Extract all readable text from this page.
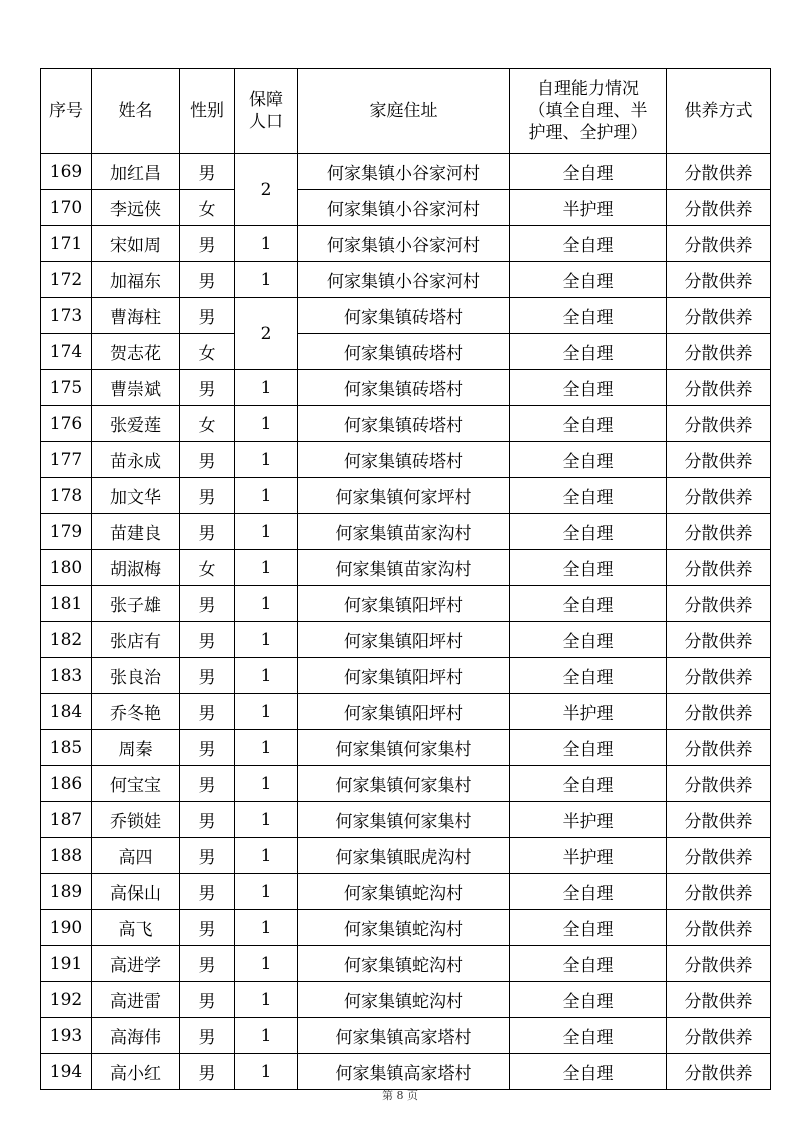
序号	姓名	性别	保障人口	家庭住址	自理能力情况
（填全自理、半
护理、全护理）	供养方式
169	加红昌	男	2	何家集镇小谷家河村	全自理	分散供养
170	李远侠	女		何家集镇小谷家河村	半护理	分散供养
171	宋如周	男	1	何家集镇小谷家河村	全自理	分散供养
172	加福东	男	1	何家集镇小谷家河村	全自理	分散供养
173	曹海柱	男	2	何家集镇砖塔村	全自理	分散供养
174	贺志花	女		何家集镇砖塔村	全自理	分散供养
175	曹崇斌	男	1	何家集镇砖塔村	全自理	分散供养
176	张爱莲	女	1	何家集镇砖塔村	全自理	分散供养
177	苗永成	男	1	何家集镇砖塔村	全自理	分散供养
178	加文华	男	1	何家集镇何家坪村	全自理	分散供养
179	苗建良	男	1	何家集镇苗家沟村	全自理	分散供养
180	胡淑梅	女	1	何家集镇苗家沟村	全自理	分散供养
181	张子雄	男	1	何家集镇阳坪村	全自理	分散供养
182	张店有	男	1	何家集镇阳坪村	全自理	分散供养
183	张良治	男	1	何家集镇阳坪村	全自理	分散供养
184	乔冬艳	男	1	何家集镇阳坪村	半护理	分散供养
185	周秦	男	1	何家集镇何家集村	全自理	分散供养
186	何宝宝	男	1	何家集镇何家集村	全自理	分散供养
187	乔锁娃	男	1	何家集镇何家集村	半护理	分散供养
188	高四	男	1	何家集镇眠虎沟村	半护理	分散供养
189	高保山	男	1	何家集镇蛇沟村	全自理	分散供养
190	高飞	男	1	何家集镇蛇沟村	全自理	分散供养
191	高进学	男	1	何家集镇蛇沟村	全自理	分散供养
192	高进雷	男	1	何家集镇蛇沟村	全自理	分散供养
193	高海伟	男	1	何家集镇高家塔村	全自理	分散供养
194	高小红	男	1	何家集镇高家塔村	全自理	分散供养
第 8 页
